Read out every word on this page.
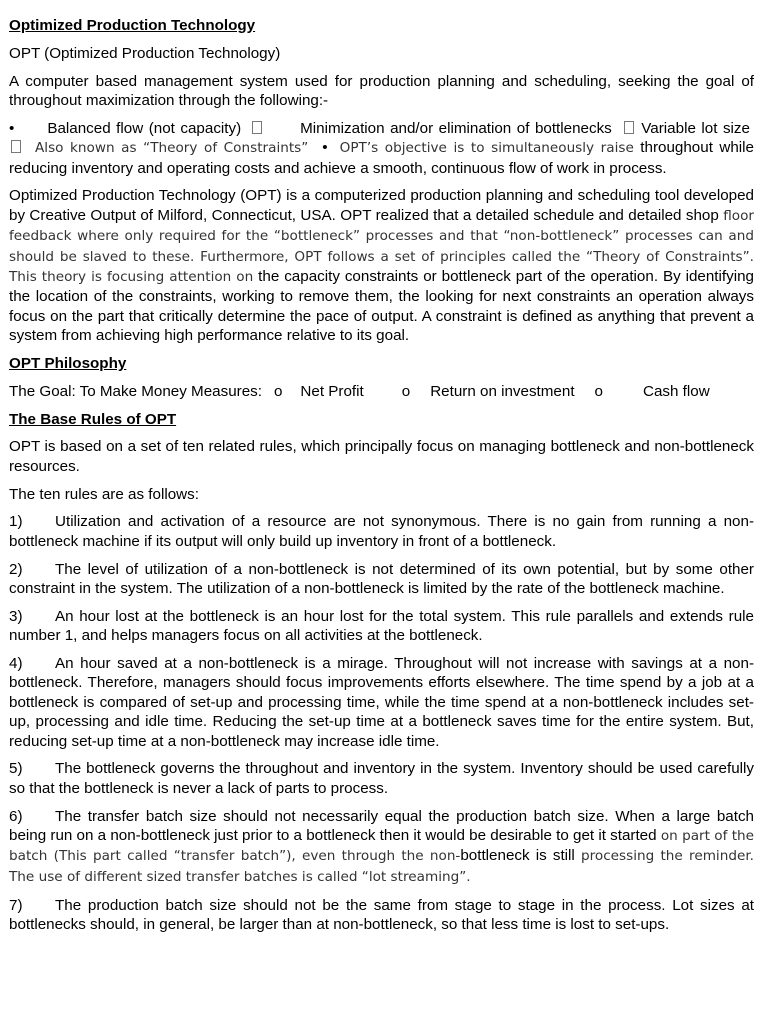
Optimized Production Technology

OPT (Optimized Production Technology)

A computer based management system used for production planning and scheduling, seeking the goal of throughout maximization through the following:-

• Balanced flow (not capacity)	Minimization and/or elimination of bottlenecks Variable lot sizeAlso known as “Theory of Constraints” • OPT’s objective is to simultaneously raise throughout while reducing inventory and operating costs and achieve a smooth, continuous flow of work in process.

Optimized Production Technology (OPT) is a computerized production planning and scheduling tool developed by Creative Output of Milford, Connecticut, USA. OPT realized that a detailed schedule and detailed shop floor feedback where only required for the “bottleneck” processes and that “non-bottleneck” processes can and should be slaved to these. Furthermore, OPT follows a set of principles called the “Theory of Constraints”. This theory is focusing attention on the capacity constraints or bottleneck part of the operation. By identifying the location of the constraints, working to remove them, the looking for next constraints an operation always focus on the part that critically determine the pace of output. A constraint is defined as anything that prevent a system from achieving high performance relative to its goal.

OPT Philosophy

The Goal: To Make Money Measures: o Net Profit	o Return on investment o	Cash flow

The Base Rules of OPT

OPT is based on a set of ten related rules, which principally focus on managing bottleneck and non-bottleneck resources.

The ten rules are as follows:

1) Utilization and activation of a resource are not synonymous. There is no gain from running a non-bottleneck machine if its output will only build up inventory in front of a bottleneck.

2) The level of utilization of a non-bottleneck is not determined of its own potential, but by some other constraint in the system. The utilization of a non-bottleneck is limited by the rate of the bottleneck machine.

3) An hour lost at the bottleneck is an hour lost for the total system. This rule parallels and extends rule number 1, and helps managers focus on all activities at the bottleneck.

4) An hour saved at a non-bottleneck is a mirage. Throughout will not increase with savings at a non-bottleneck. Therefore, managers should focus improvements efforts elsewhere. The time spend by a job at a bottleneck is compared of set-up and processing time, while the time spend at a non-bottleneck includes set-up, processing and idle time. Reducing the set-up time at a bottleneck saves time for the entire system. But, reducing set-up time at a non-bottleneck may increase idle time.

5) The bottleneck governs the throughout and inventory in the system. Inventory should be used carefully so that the bottleneck is never a lack of parts to process.

6) The transfer batch size should not necessarily equal the production batch size. When a large batch being run on a non-bottleneck just prior to a bottleneck then it would be desirable to get it started on part of the batch (This part called “transfer batch”), even through the non-bottleneck is still processing the reminder. The use of different sized transfer batches is called “lot streaming”.

7) The production batch size should not be the same from stage to stage in the process. Lot sizes at bottlenecks should, in general, be larger than at non-bottleneck, so that less time is lost to set-ups.
